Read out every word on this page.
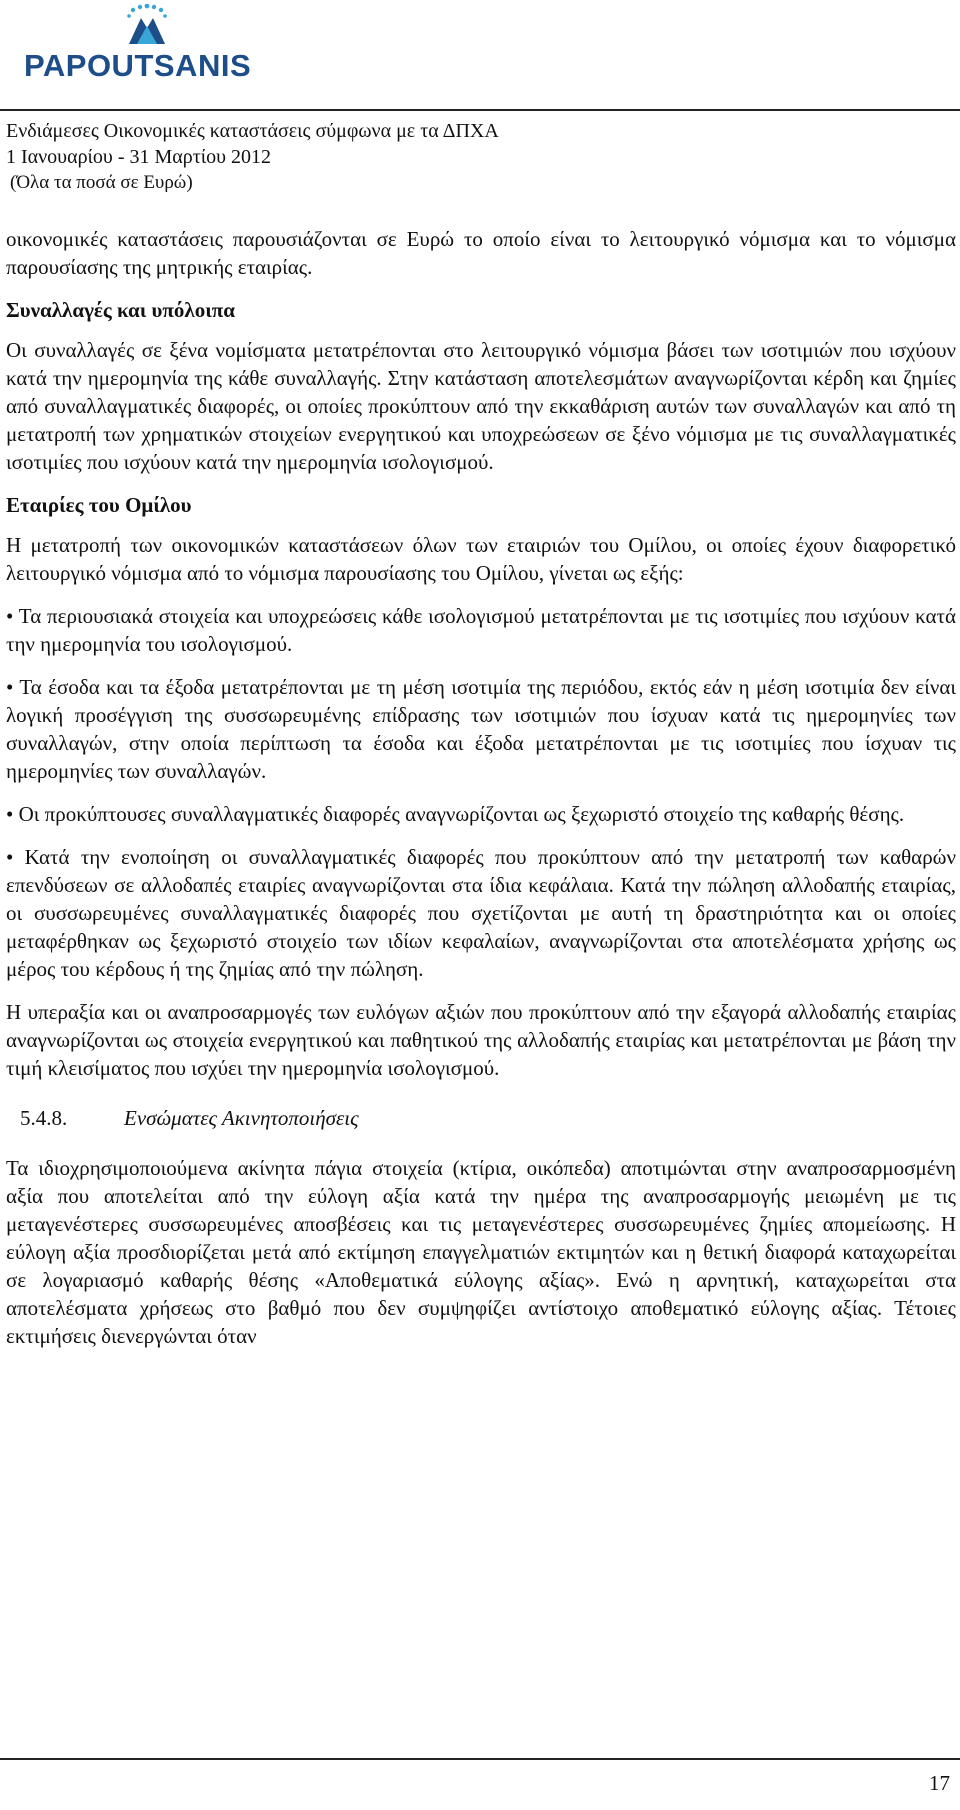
PAPOUTSANIS
Ενδιάμεσες Οικονομικές καταστάσεις σύμφωνα με τα ΔΠΧΑ
1 Ιανουαρίου - 31 Μαρτίου 2012
(Όλα τα ποσά σε Ευρώ)

οικονομικές καταστάσεις παρουσιάζονται σε Ευρώ το οποίο είναι το λειτουργικό νόμισμα και το νόμισμα παρουσίασης της μητρικής εταιρίας.

Συναλλαγές και υπόλοιπα

Οι συναλλαγές σε ξένα νομίσματα μετατρέπονται στο λειτουργικό νόμισμα βάσει των ισοτιμιών που ισχύουν κατά την ημερομηνία της κάθε συναλλαγής. Στην κατάσταση αποτελεσμάτων αναγνωρίζονται κέρδη και ζημίες από συναλλαγματικές διαφορές, οι οποίες προκύπτουν από την εκκαθάριση αυτών των συναλλαγών και από τη μετατροπή των χρηματικών στοιχείων ενεργητικού και υποχρεώσεων σε ξένο νόμισμα με τις συναλλαγματικές ισοτιμίες που ισχύουν κατά την ημερομηνία ισολογισμού.

Εταιρίες του Ομίλου

Η μετατροπή των οικονομικών καταστάσεων όλων των εταιριών του Ομίλου, οι οποίες έχουν διαφορετικό λειτουργικό νόμισμα από το νόμισμα παρουσίασης του Ομίλου, γίνεται ως εξής:

• Τα περιουσιακά στοιχεία και υποχρεώσεις κάθε ισολογισμού μετατρέπονται με τις ισοτιμίες που ισχύουν κατά την ημερομηνία του ισολογισμού.

• Τα έσοδα και τα έξοδα μετατρέπονται με τη μέση ισοτιμία της περιόδου, εκτός εάν η μέση ισοτιμία δεν είναι λογική προσέγγιση της συσσωρευμένης επίδρασης των ισοτιμιών που ίσχυαν κατά τις ημερομηνίες των συναλλαγών, στην οποία περίπτωση τα έσοδα και έξοδα μετατρέπονται με τις ισοτιμίες που ίσχυαν τις ημερομηνίες των συναλλαγών.

• Οι προκύπτουσες συναλλαγματικές διαφορές αναγνωρίζονται ως ξεχωριστό στοιχείο της καθαρής θέσης.

• Κατά την ενοποίηση οι συναλλαγματικές διαφορές που προκύπτουν από την μετατροπή των καθαρών επενδύσεων σε αλλοδαπές εταιρίες αναγνωρίζονται στα ίδια κεφάλαια. Κατά την πώληση αλλοδαπής εταιρίας, οι συσσωρευμένες συναλλαγματικές διαφορές που σχετίζονται με αυτή τη δραστηριότητα και οι οποίες μεταφέρθηκαν ως ξεχωριστό στοιχείο των ιδίων κεφαλαίων, αναγνωρίζονται στα αποτελέσματα χρήσης ως μέρος του κέρδους ή της ζημίας από την πώληση.

Η υπεραξία και οι αναπροσαρμογές των ευλόγων αξιών που προκύπτουν από την εξαγορά αλλοδαπής εταιρίας αναγνωρίζονται ως στοιχεία ενεργητικού και παθητικού της αλλοδαπής εταιρίας και μετατρέπονται με βάση την τιμή κλεισίματος που ισχύει την ημερομηνία ισολογισμού.

5.4.8.	Ενσώματες Ακινητοποιήσεις

Τα ιδιοχρησιμοποιούμενα ακίνητα πάγια στοιχεία (κτίρια, οικόπεδα) αποτιμώνται στην αναπροσαρμοσμένη αξία που αποτελείται από την εύλογη αξία κατά την ημέρα της αναπροσαρμογής μειωμένη με τις μεταγενέστερες συσσωρευμένες αποσβέσεις και τις μεταγενέστερες συσσωρευμένες ζημίες απομείωσης. Η εύλογη αξία προσδιορίζεται μετά από εκτίμηση επαγγελματιών εκτιμητών και η θετική διαφορά καταχωρείται σε λογαριασμό καθαρής θέσης «Αποθεματικά εύλογης αξίας». Ενώ η αρνητική, καταχωρείται στα αποτελέσματα χρήσεως στο βαθμό που δεν συμψηφίζει αντίστοιχο αποθεματικό εύλογης αξίας. Τέτοιες εκτιμήσεις διενεργώνται όταν

17
